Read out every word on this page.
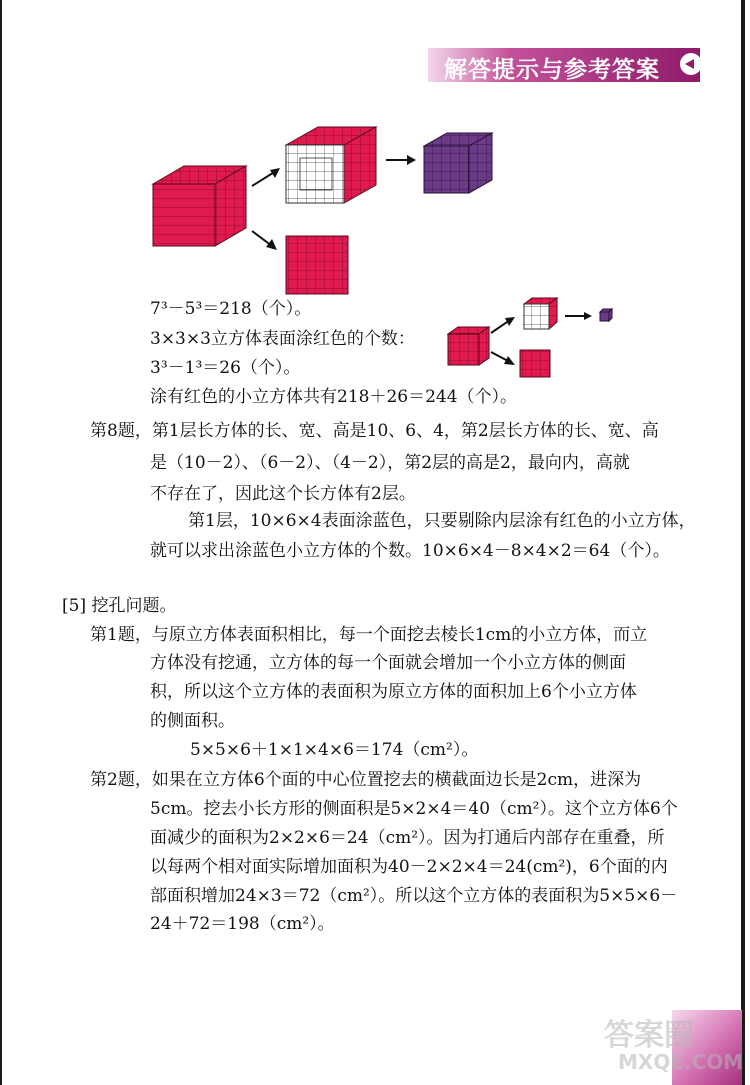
解答提示与参考答案
7³－5³＝218（个）。
3×3×3立方体表面涂红色的个数：
3³－1³＝26（个）。
涂有红色的小立方体共有218＋26＝244（个）。
第8题，第1层长方体的长、宽、高是10、6、4，第2层长方体的长、宽、高
是（10－2）、（6－2）、（4－2），第2层的高是2，最向内，高就
不存在了，因此这个长方体有2层。
第1层，10×6×4表面涂蓝色，只要剔除内层涂有红色的小立方体，
就可以求出涂蓝色小立方体的个数。10×6×4－8×4×2＝64（个）。
[5] 挖孔问题。
第1题，与原立方体表面积相比，每一个面挖去棱长1cm的小立方体，而立
方体没有挖通，立方体的每一个面就会增加一个小立方体的侧面
积，所以这个立方体的表面积为原立方体的面积加上6个小立方体
的侧面积。
5×5×6＋1×1×4×6＝174（cm²）。
第2题，如果在立方体6个面的中心位置挖去的横截面边长是2cm，进深为
5cm。挖去小长方形的侧面积是5×2×4＝40（cm²）。这个立方体6个
面减少的面积为2×2×6＝24（cm²）。因为打通后内部存在重叠，所
以每两个相对面实际增加面积为40－2×2×4＝24(cm²)，6个面的内
部面积增加24×3＝72（cm²）。所以这个立方体的表面积为5×5×6－
24＋72＝198（cm²）。
答案圈
MXQE.COM
